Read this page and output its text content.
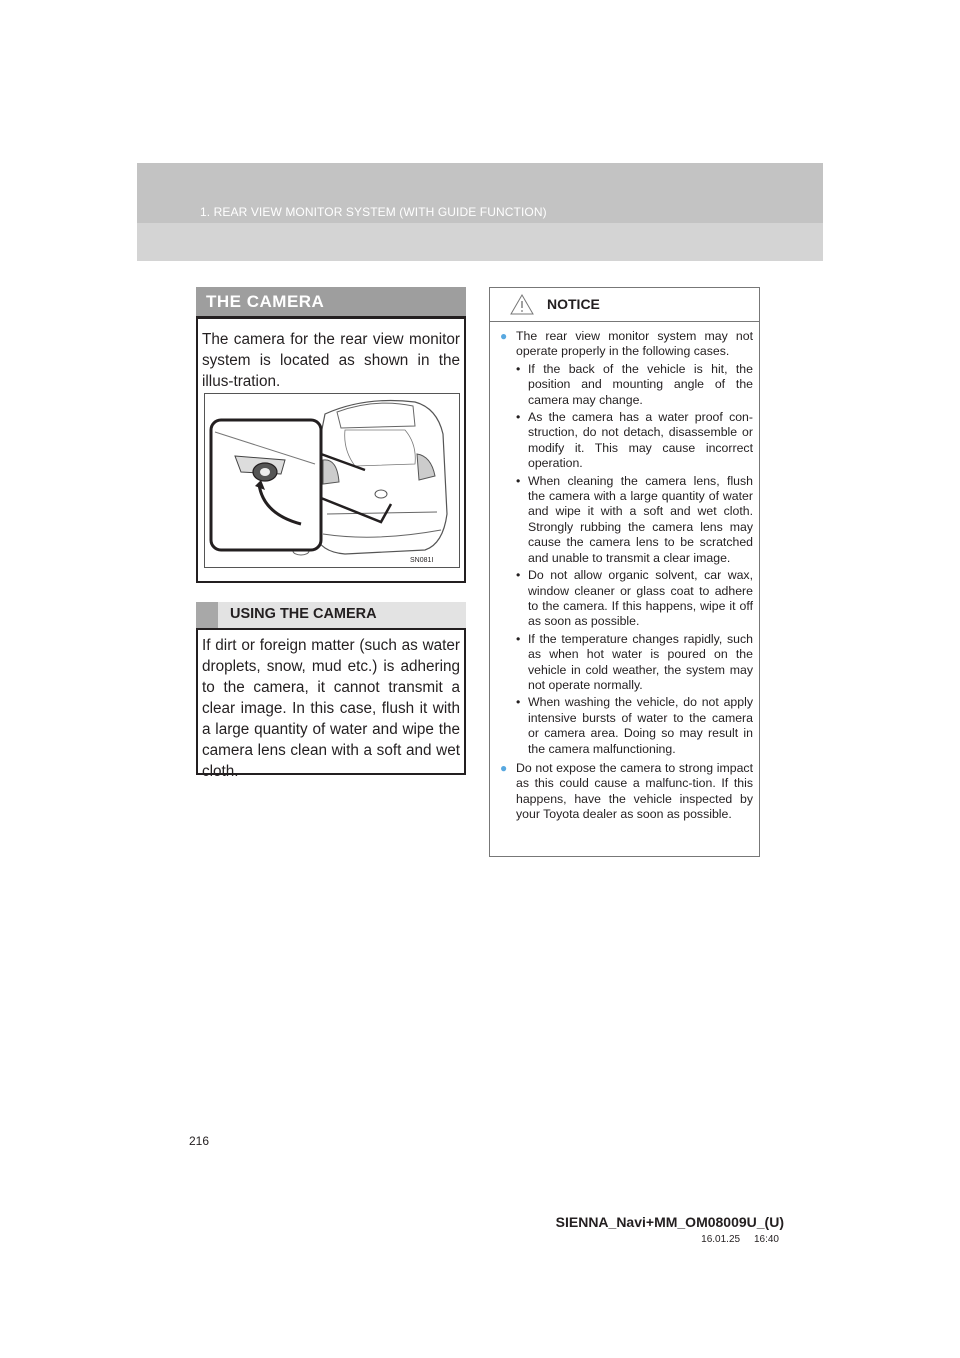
1. REAR VIEW MONITOR SYSTEM (WITH GUIDE FUNCTION)
THE CAMERA
The camera for the rear view monitor system is located as shown in the illus-tration.
SN081I
USING THE CAMERA
If dirt or foreign matter (such as water droplets, snow, mud etc.) is adhering to the camera, it cannot transmit a clear image. In this case, flush it with a large quantity of water and wipe the camera lens clean with a soft and wet cloth.
NOTICE
● The rear view monitor system may not operate properly in the following cases.
• If the back of the vehicle is hit, the position and mounting angle of the camera may change.
• As the camera has a water proof con-struction, do not detach, disassemble or modify it. This may cause incorrect operation.
• When cleaning the camera lens, flush the camera with a large quantity of water and wipe it with a soft and wet cloth. Strongly rubbing the camera lens may cause the camera lens to be scratched and unable to transmit a clear image.
• Do not allow organic solvent, car wax, window cleaner or glass coat to adhere to the camera. If this happens, wipe it off as soon as possible.
• If the temperature changes rapidly, such as when hot water is poured on the vehicle in cold weather, the system may not operate normally.
• When washing the vehicle, do not apply intensive bursts of water to the camera or camera area. Doing so may result in the camera malfunctioning.
● Do not expose the camera to strong impact as this could cause a malfunc-tion. If this happens, have the vehicle inspected by your Toyota dealer as soon as possible.
216
SIENNA_Navi+MM_OM08009U_(U)
16.01.25     16:40
